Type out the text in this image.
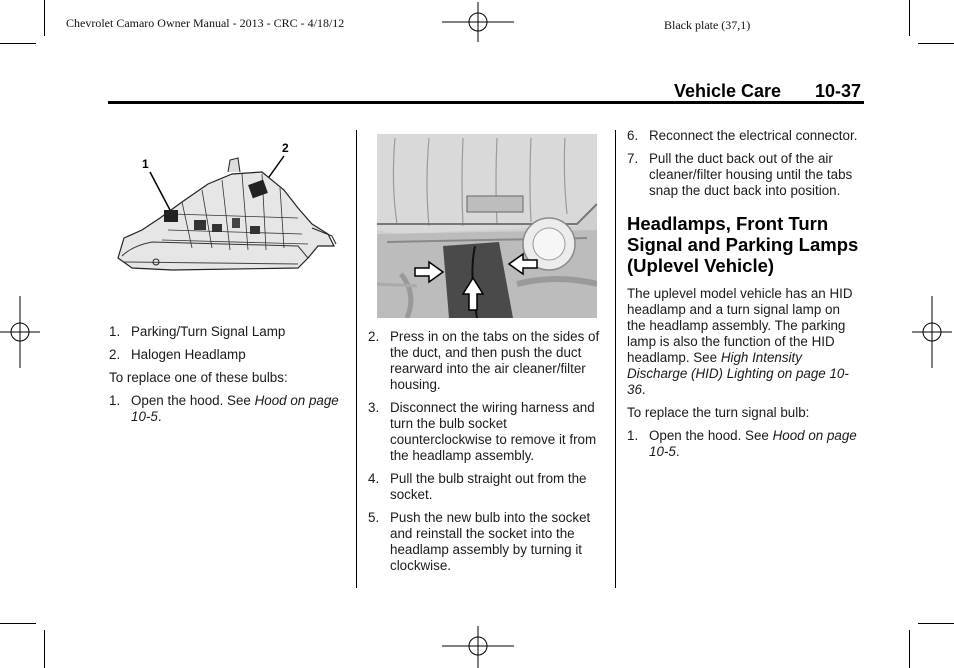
Chevrolet Camaro Owner Manual - 2013 - CRC - 4/18/12	Black plate (37,1)
Vehicle Care 10-37
1
2
1. Parking/Turn Signal Lamp
2. Halogen Headlamp

To replace one of these bulbs:

1. Open the hood. See Hood on page 10-5.
2. Press in on the tabs on the sides of the duct, and then push the duct rearward into the air cleaner/filter housing.
3. Disconnect the wiring harness and turn the bulb socket counterclockwise to remove it from the headlamp assembly.
4. Pull the bulb straight out from the socket.
5. Push the new bulb into the socket and reinstall the socket into the headlamp assembly by turning it clockwise.
6. Reconnect the electrical connector.
7. Pull the duct back out of the air cleaner/filter housing until the tabs snap the duct back into position.
Headlamps, Front Turn Signal and Parking Lamps (Uplevel Vehicle)

The uplevel model vehicle has an HID headlamp and a turn signal lamp on the headlamp assembly. The parking lamp is also the function of the HID headlamp. See High Intensity Discharge (HID) Lighting on page 10-36.

To replace the turn signal bulb:

1. Open the hood. See Hood on page 10-5.
